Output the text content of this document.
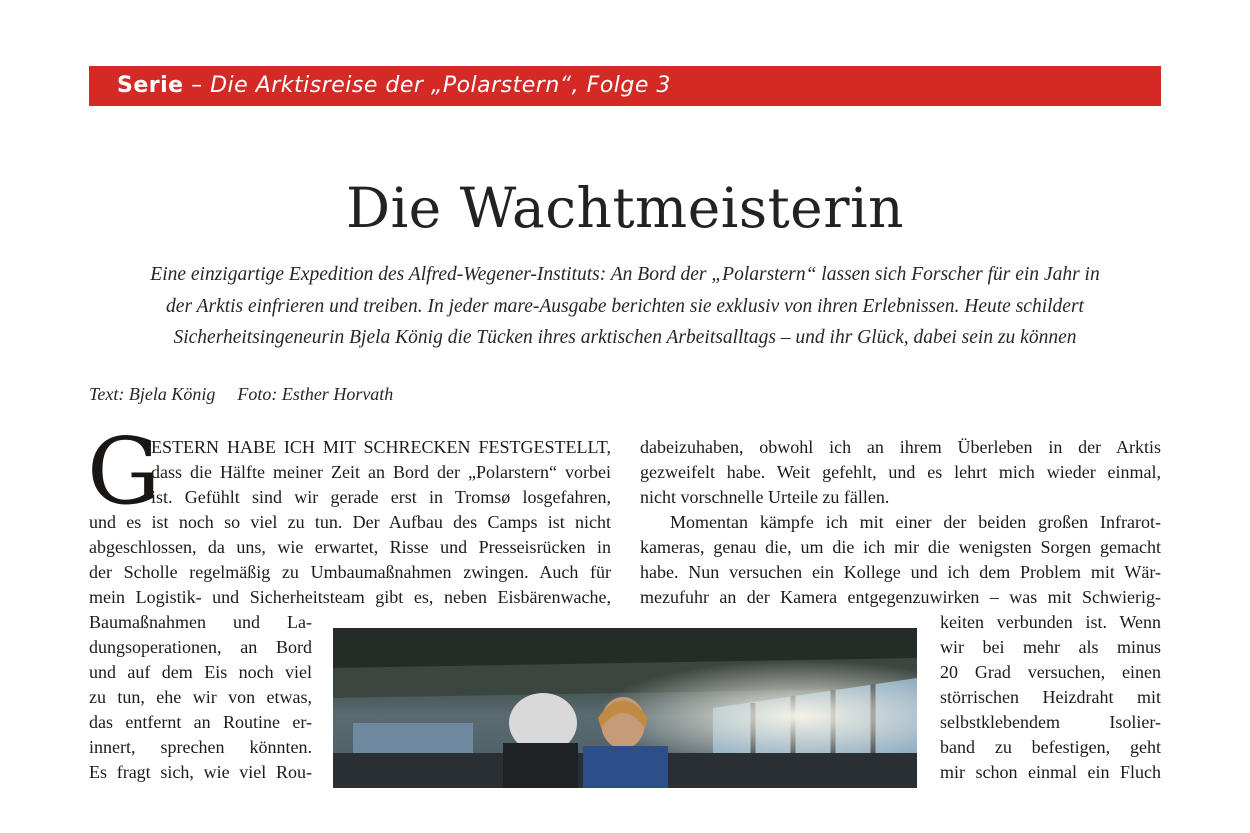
Serie – Die Arktisreise der „Polarstern“, Folge 3
Die Wachtmeisterin
Eine einzigartige Expedition des Alfred-Wegener-Instituts: An Bord der „Polarstern“ lassen sich Forscher für ein Jahr in
der Arktis einfrieren und treiben. In jeder mare-Ausgabe berichten sie exklusiv von ihren Erlebnissen. Heute schildert
Sicherheitsingeneurin Bjela König die Tücken ihres arktischen Arbeitsalltags – und ihr Glück, dabei sein zu können
Text: Bjela König Foto: Esther Horvath
G
ESTERN HABE ICH MIT SCHRECKEN FESTGESTELLT,
dass die Hälfte meiner Zeit an Bord der „Polarstern“ vorbei
ist. Gefühlt sind wir gerade erst in Tromsø losgefahren,
und es ist noch so viel zu tun. Der Aufbau des Camps ist nicht
abgeschlossen, da uns, wie erwartet, Risse und Presseisrücken in
der Scholle regelmäßig zu Umbaumaßnahmen zwingen. Auch für
mein Logistik- und Sicherheitsteam gibt es, neben Eisbärenwache,
Baumaßnahmen und La-
dungsoperationen, an Bord
und auf dem Eis noch viel
zu tun, ehe wir von etwas,
das entfernt an Routine er-
innert, sprechen könnten.
Es fragt sich, wie viel Rou-
dabeizuhaben, obwohl ich an ihrem Überleben in der Arktis
gezweifelt habe. Weit gefehlt, und es lehrt mich wieder einmal,
nicht vorschnelle Urteile zu fällen.
Momentan kämpfe ich mit einer der beiden großen Infrarot-
kameras, genau die, um die ich mir die wenigsten Sorgen gemacht
habe. Nun versuchen ein Kollege und ich dem Problem mit Wär-
mezufuhr an der Kamera entgegenzuwirken – was mit Schwierig-
keiten verbunden ist. Wenn
wir bei mehr als minus
20 Grad versuchen, einen
störrischen Heizdraht mit
selbstklebendem Isolier-
band zu befestigen, geht
mir schon einmal ein Fluch
